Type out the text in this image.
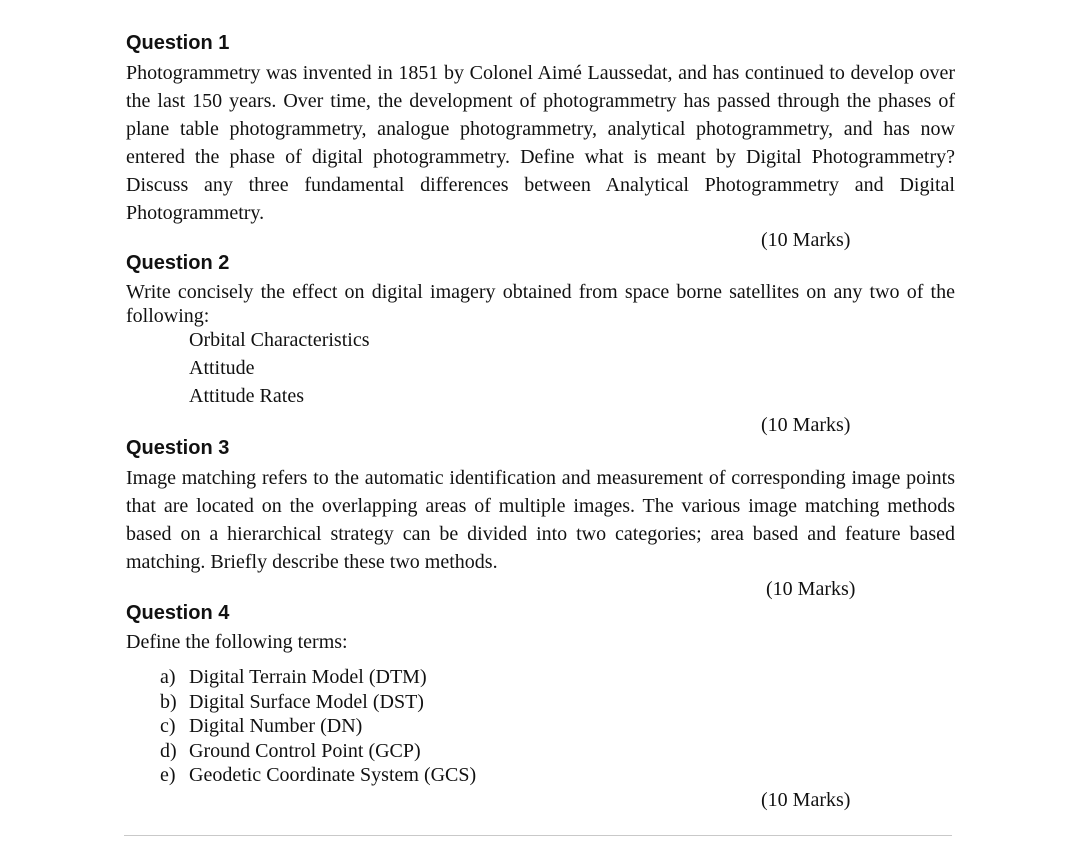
Question 1

Photogrammetry was invented in 1851 by Colonel Aimé Laussedat, and has continued to develop over the last 150 years. Over time, the development of photogrammetry has passed through the phases of plane table photogrammetry, analogue photogrammetry, analytical photogrammetry, and has now entered the phase of digital photogrammetry. Define what is meant by Digital Photogrammetry? Discuss any three fundamental differences between Analytical Photogrammetry and Digital Photogrammetry.

(10 Marks)
Question 2

Write concisely the effect on digital imagery obtained from space borne satellites on any two of the following:

Orbital Characteristics
Attitude
Attitude Rates
(10 Marks)
Question 3

Image matching refers to the automatic identification and measurement of corresponding image points that are located on the overlapping areas of multiple images. The various image matching methods based on a hierarchical strategy can be divided into two categories; area based and feature based matching. Briefly describe these two methods.

(10 Marks)
Question 4

Define the following terms:

a) Digital Terrain Model (DTM)
b) Digital Surface Model (DST)
c) Digital Number (DN)
d) Ground Control Point (GCP)
e) Geodetic Coordinate System (GCS)
(10 Marks)
